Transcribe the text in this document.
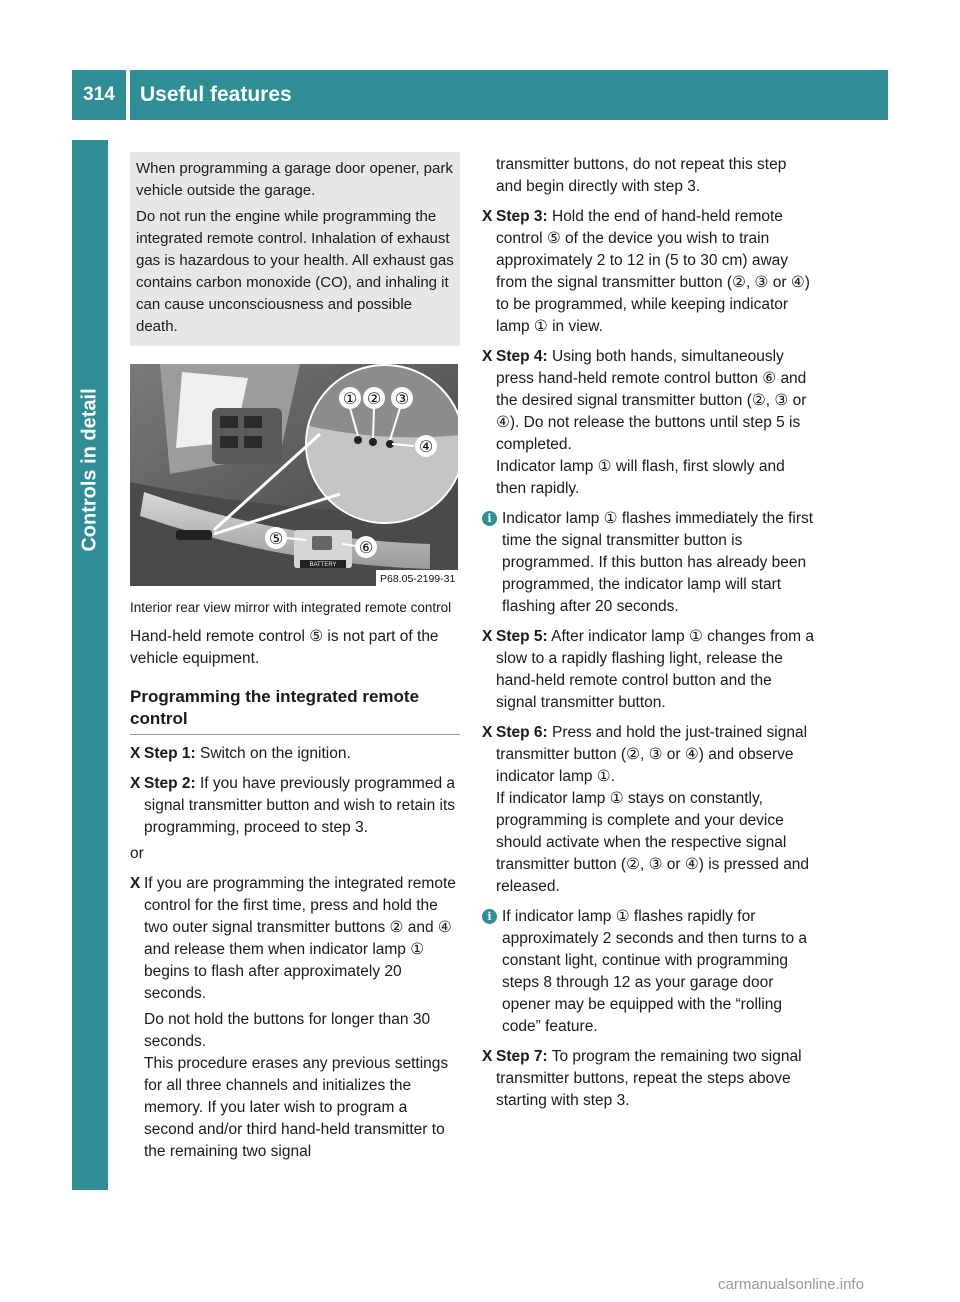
314	Useful features
Controls in detail

When programming a garage door opener, park vehicle outside the garage.

Do not run the engine while programming the integrated remote control. Inhalation of exhaust gas is hazardous to your health. All exhaust gas contains carbon monoxide (CO), and inhaling it can cause unconsciousness and possible death.

BATTERY
① ② ③
④
⑤	⑥
P68.05-2199-31
Interior rear view mirror with integrated remote control
Hand-held remote control ⑤ is not part of the vehicle equipment.
Programming the integrated remote control
X Step 1: Switch on the ignition.
X Step 2: If you have previously programmed a signal transmitter button and wish to retain its programming, proceed to step 3.
or
X If you are programming the integrated remote control for the first time, press and hold the two outer signal transmitter buttons ② and ④ and release them when indicator lamp ① begins to flash after approximately 20 seconds.
Do not hold the buttons for longer than 30 seconds.
This procedure erases any previous settings for all three channels and initializes the memory. If you later wish to program a second and/or third hand-held transmitter to the remaining two signal
transmitter buttons, do not repeat this step and begin directly with step 3.
X Step 3: Hold the end of hand-held remote control ⑤ of the device you wish to train approximately 2 to 12 in (5 to 30 cm) away from the signal transmitter button (②, ③ or ④) to be programmed, while keeping indicator lamp ① in view.
X Step 4: Using both hands, simultaneously press hand-held remote control button ⑥ and the desired signal transmitter button (②, ③ or ④). Do not release the buttons until step 5 is completed.
Indicator lamp ① will flash, first slowly and then rapidly.
i Indicator lamp ① flashes immediately the first time the signal transmitter button is programmed. If this button has already been programmed, the indicator lamp will start flashing after 20 seconds.
X Step 5: After indicator lamp ① changes from a slow to a rapidly flashing light, release the hand-held remote control button and the signal transmitter button.
X Step 6: Press and hold the just-trained signal transmitter button (②, ③ or ④) and observe indicator lamp ①.
If indicator lamp ① stays on constantly, programming is complete and your device should activate when the respective signal transmitter button (②, ③ or ④) is pressed and released.
i If indicator lamp ① flashes rapidly for approximately 2 seconds and then turns to a constant light, continue with programming steps 8 through 12 as your garage door opener may be equipped with the “rolling code” feature.
X Step 7: To program the remaining two signal transmitter buttons, repeat the steps above starting with step 3.
carmanualsonline.info
